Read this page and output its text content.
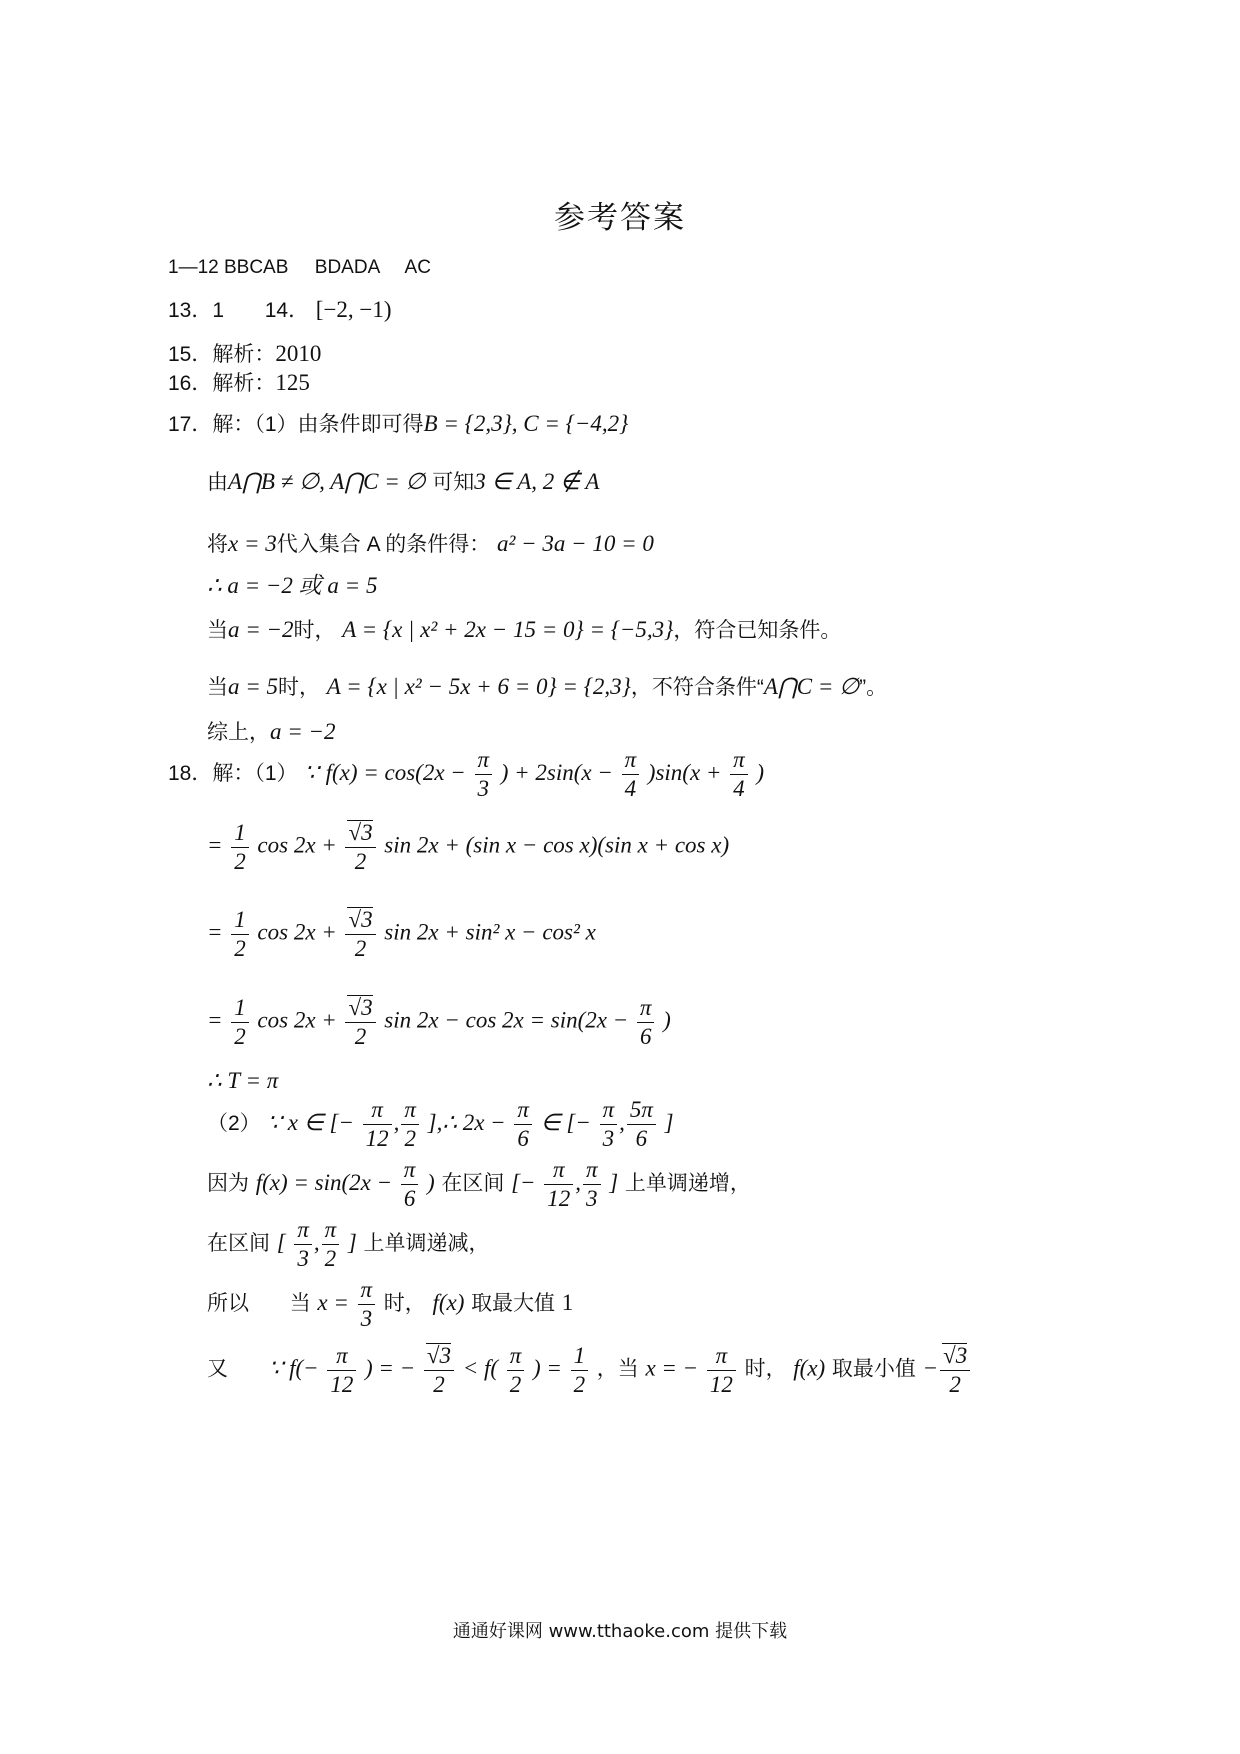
参考答案
1—12 BBCAB     BDADA     AC
13．1 14． [−2, −1)
15．解析：2010
16．解析：125
17．解：（1）由条件即可得B = {2,3}, C = {−4,2}
由A⋂B ≠ ∅, A⋂C = ∅ 可知3 ∈ A, 2 ∉ A
将x = 3代入集合 A 的条件得： a² − 3a − 10 = 0
∴ a = −2 或 a = 5
当a = −2时， A = {x | x² + 2x − 15 = 0} = {−5,3}，符合已知条件。
当a = 5时， A = {x | x² − 5x + 6 = 0} = {2,3}，不符合条件“A⋂C = ∅”。
综上，a = −2
18．解：（1） ∵ $f(x) = \cos(2x - \frac{\pi}{3}$ ) + $2\sin(x - \frac{\pi}{4} )\sin(x + \frac{\pi}{4}$ )
= $\frac{1}{2}$ $\cos 2x + \frac{√3}{2}$ sin 2x + (sin x − cos x)(sin x + cos x)
= $\frac{1}{2}$ $\cos 2x + \frac{√3}{2}$ sin 2x + sin² x − cos² x
= $\frac{1}{2}$ $\cos 2x + \frac{√3}{2}$ $\sin 2x - \cos 2x = \sin(2x - \frac{\pi}{6}$ )
∴ T = π
（2） ∵ x ∈ [− $\frac{\pi}{12}$ , $\frac{\pi}{2}$ ],∴ $2x - \frac{\pi}{6}$ ∈ [− $\frac{\pi}{3}$ , $\frac{5\pi}{6}$ ]
因为 $f(x) = \sin(2x - \frac{\pi}{6}$ ) 在区间 [− $\frac{\pi}{12}$ , $\frac{\pi}{3}$ ] 上单调递增，
在区间 [ $\frac{\pi}{3}$ , $\frac{\pi}{2}$ ] 上单调递减，
所以 当 $x = \frac{\pi}{3}$ 时， f(x) 取最大值 1
又 ∵ $f(- \frac{\pi}{12}$ ) = − $\frac{√3}{2} < f( \frac{\pi}{2}$ ) = $\frac{1}{2}$ ，当 x = − $\frac{\pi}{12}$ 时， f(x) 取最小值 − $\frac{√3}{2}$
通通好课网 www.tthaoke.com 提供下载
